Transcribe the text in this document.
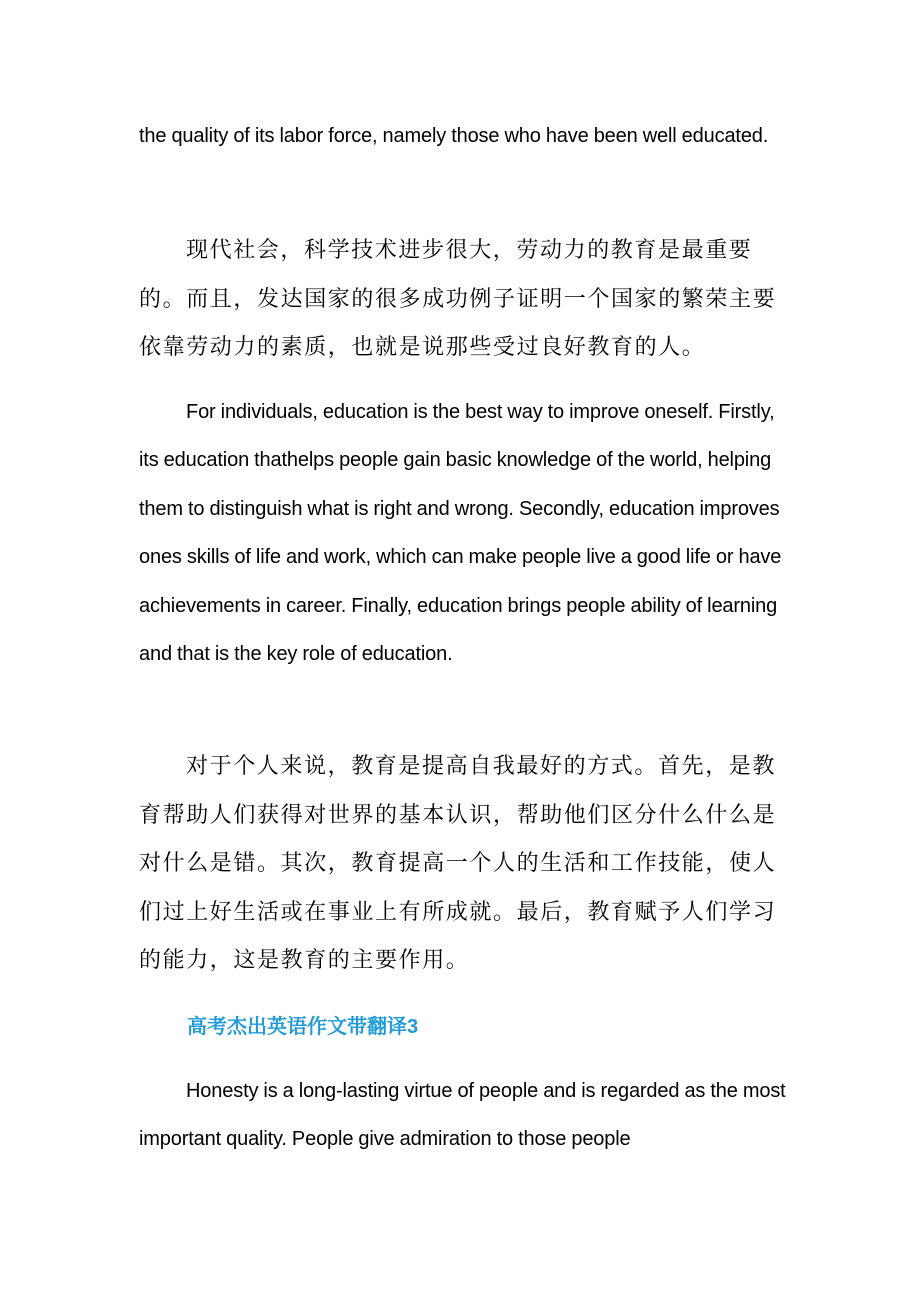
the quality of its labor force, namely those who have been well educated.

现代社会，科学技术进步很大，劳动力的教育是最重要的。而且，发达国家的很多成功例子证明一个国家的繁荣主要依靠劳动力的素质，也就是说那些受过良好教育的人。

For individuals, education is the best way to improve oneself. Firstly, its education thathelps people gain basic knowledge of the world, helping them to distinguish what is right and wrong. Secondly, education improves ones skills of life and work, which can make people live a good life or have achievements in career. Finally, education brings people ability of learning and that is the key role of education.

对于个人来说，教育是提高自我最好的方式。首先，是教育帮助人们获得对世界的基本认识，帮助他们区分什么什么是对什么是错。其次，教育提高一个人的生活和工作技能，使人们过上好生活或在事业上有所成就。最后，教育赋予人们学习的能力，这是教育的主要作用。

高考杰出英语作文带翻译3

Honesty is a long-lasting virtue of people and is regarded as the most important quality. People give admiration to those people
